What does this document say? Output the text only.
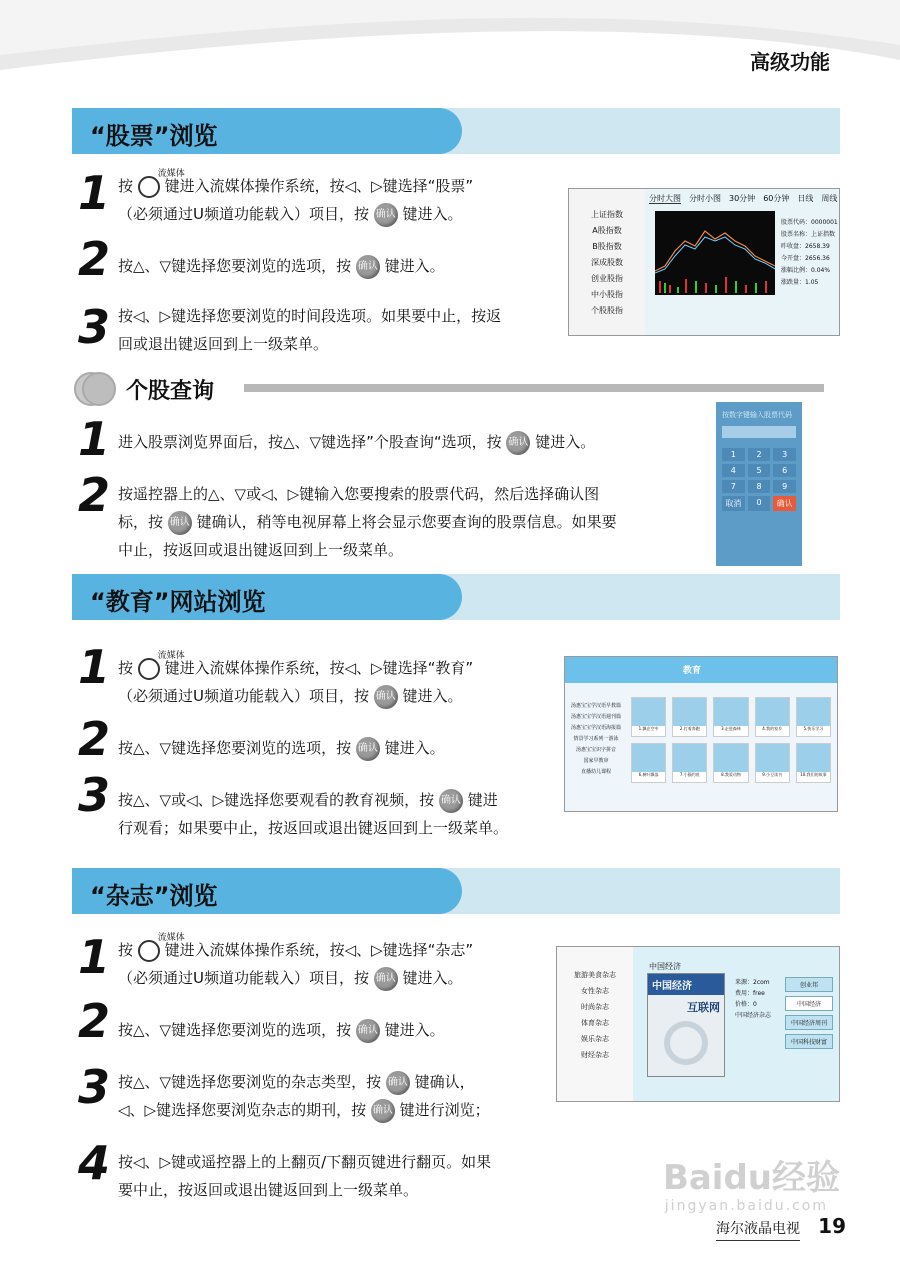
高级功能
“股票”浏览
1 按
流媒体
键进入流媒体操作系统，按◁、▷键选择“股票”
（必须通过U频道功能载入）项目，按 确认 键进入。
2 按△、▽键选择您要浏览的选项，按 确认 键进入。
3 按◁、▷键选择您要浏览的时间段选项。如果要中止，按返
回或退出键返回到上一级菜单。
上证指数
A股指数
B股指数
深成股数
创业股指
中小股指
个股股指
分时大图 分时小图 30分钟 60分钟 日线 周线
股票代码：0000001
股票名称：上证指数
昨收盘：2658.39
今开盘：2656.36
涨幅比例：0.04%
涨跌量：1.05
个股查询
1 进入股票浏览界面后，按△、▽键选择”个股查询“选项，按 确认 键进入。
2 按遥控器上的△、▽或◁、▷键输入您要搜索的股票代码，然后选择确认图
标，按 确认 键确认，稍等电视屏幕上将会显示您要查询的股票信息。如果要
中止，按返回或退出键返回到上一级菜单。
按数字键输入股票代码
1	2	3
4	5	6
7	8	9
取消	0	确认
“教育”网站浏览
1 按
流媒体
键进入流媒体操作系统，按◁、▷键选择“教育”
（必须通过U频道功能载入）项目，按 确认 键进入。
2 按△、▽键选择您要浏览的选项，按 确认 键进入。
3 按△、▽或◁、▷键选择您要观看的教育视频，按 确认 键进
行观看；如果要中止，按返回或退出键返回到上一级菜单。
教育
汤惠宝宝学汉语早教篇
汤惠宝宝学汉语週刊篇
汤惠宝宝学汉语海报篇
情景学习系列一游泳
汤惠宝宝识字拼音
国家早教审
直播幼儿课程
1.飘在空中	2.打着奔跑	3.走进森林	4.我的家乡	5.快乐学习
6.树叶飘落	7.小猫钓鱼	8.我爱动物	9.小豆读书	10.我们的故事
“杂志”浏览
1 按
流媒体
键进入流媒体操作系统，按◁、▷键选择“杂志”
（必须通过U频道功能载入）项目，按 确认 键进入。
2 按△、▽键选择您要浏览的选项，按 确认 键进入。
3 按△、▽键选择您要浏览的杂志类型，按 确认 键确认，
◁、▷键选择您要浏览杂志的期刊，按 确认 键进行浏览；
4 按◁、▷键或遥控器上的上翻页/下翻页键进行翻页。如果
要中止，按返回或退出键返回到上一级菜单。
旅游美食杂志
女性杂志
时尚杂志
体育杂志
娱乐杂志
财经杂志
中国经济
中国经济
互联网
来源：2com
费用：free
价格：0
中国经济杂志
创业邦
中国经济
中国经济周刊
中国科技财富
Baidu经验
jingyan.baidu.com
海尔液晶电视 19
